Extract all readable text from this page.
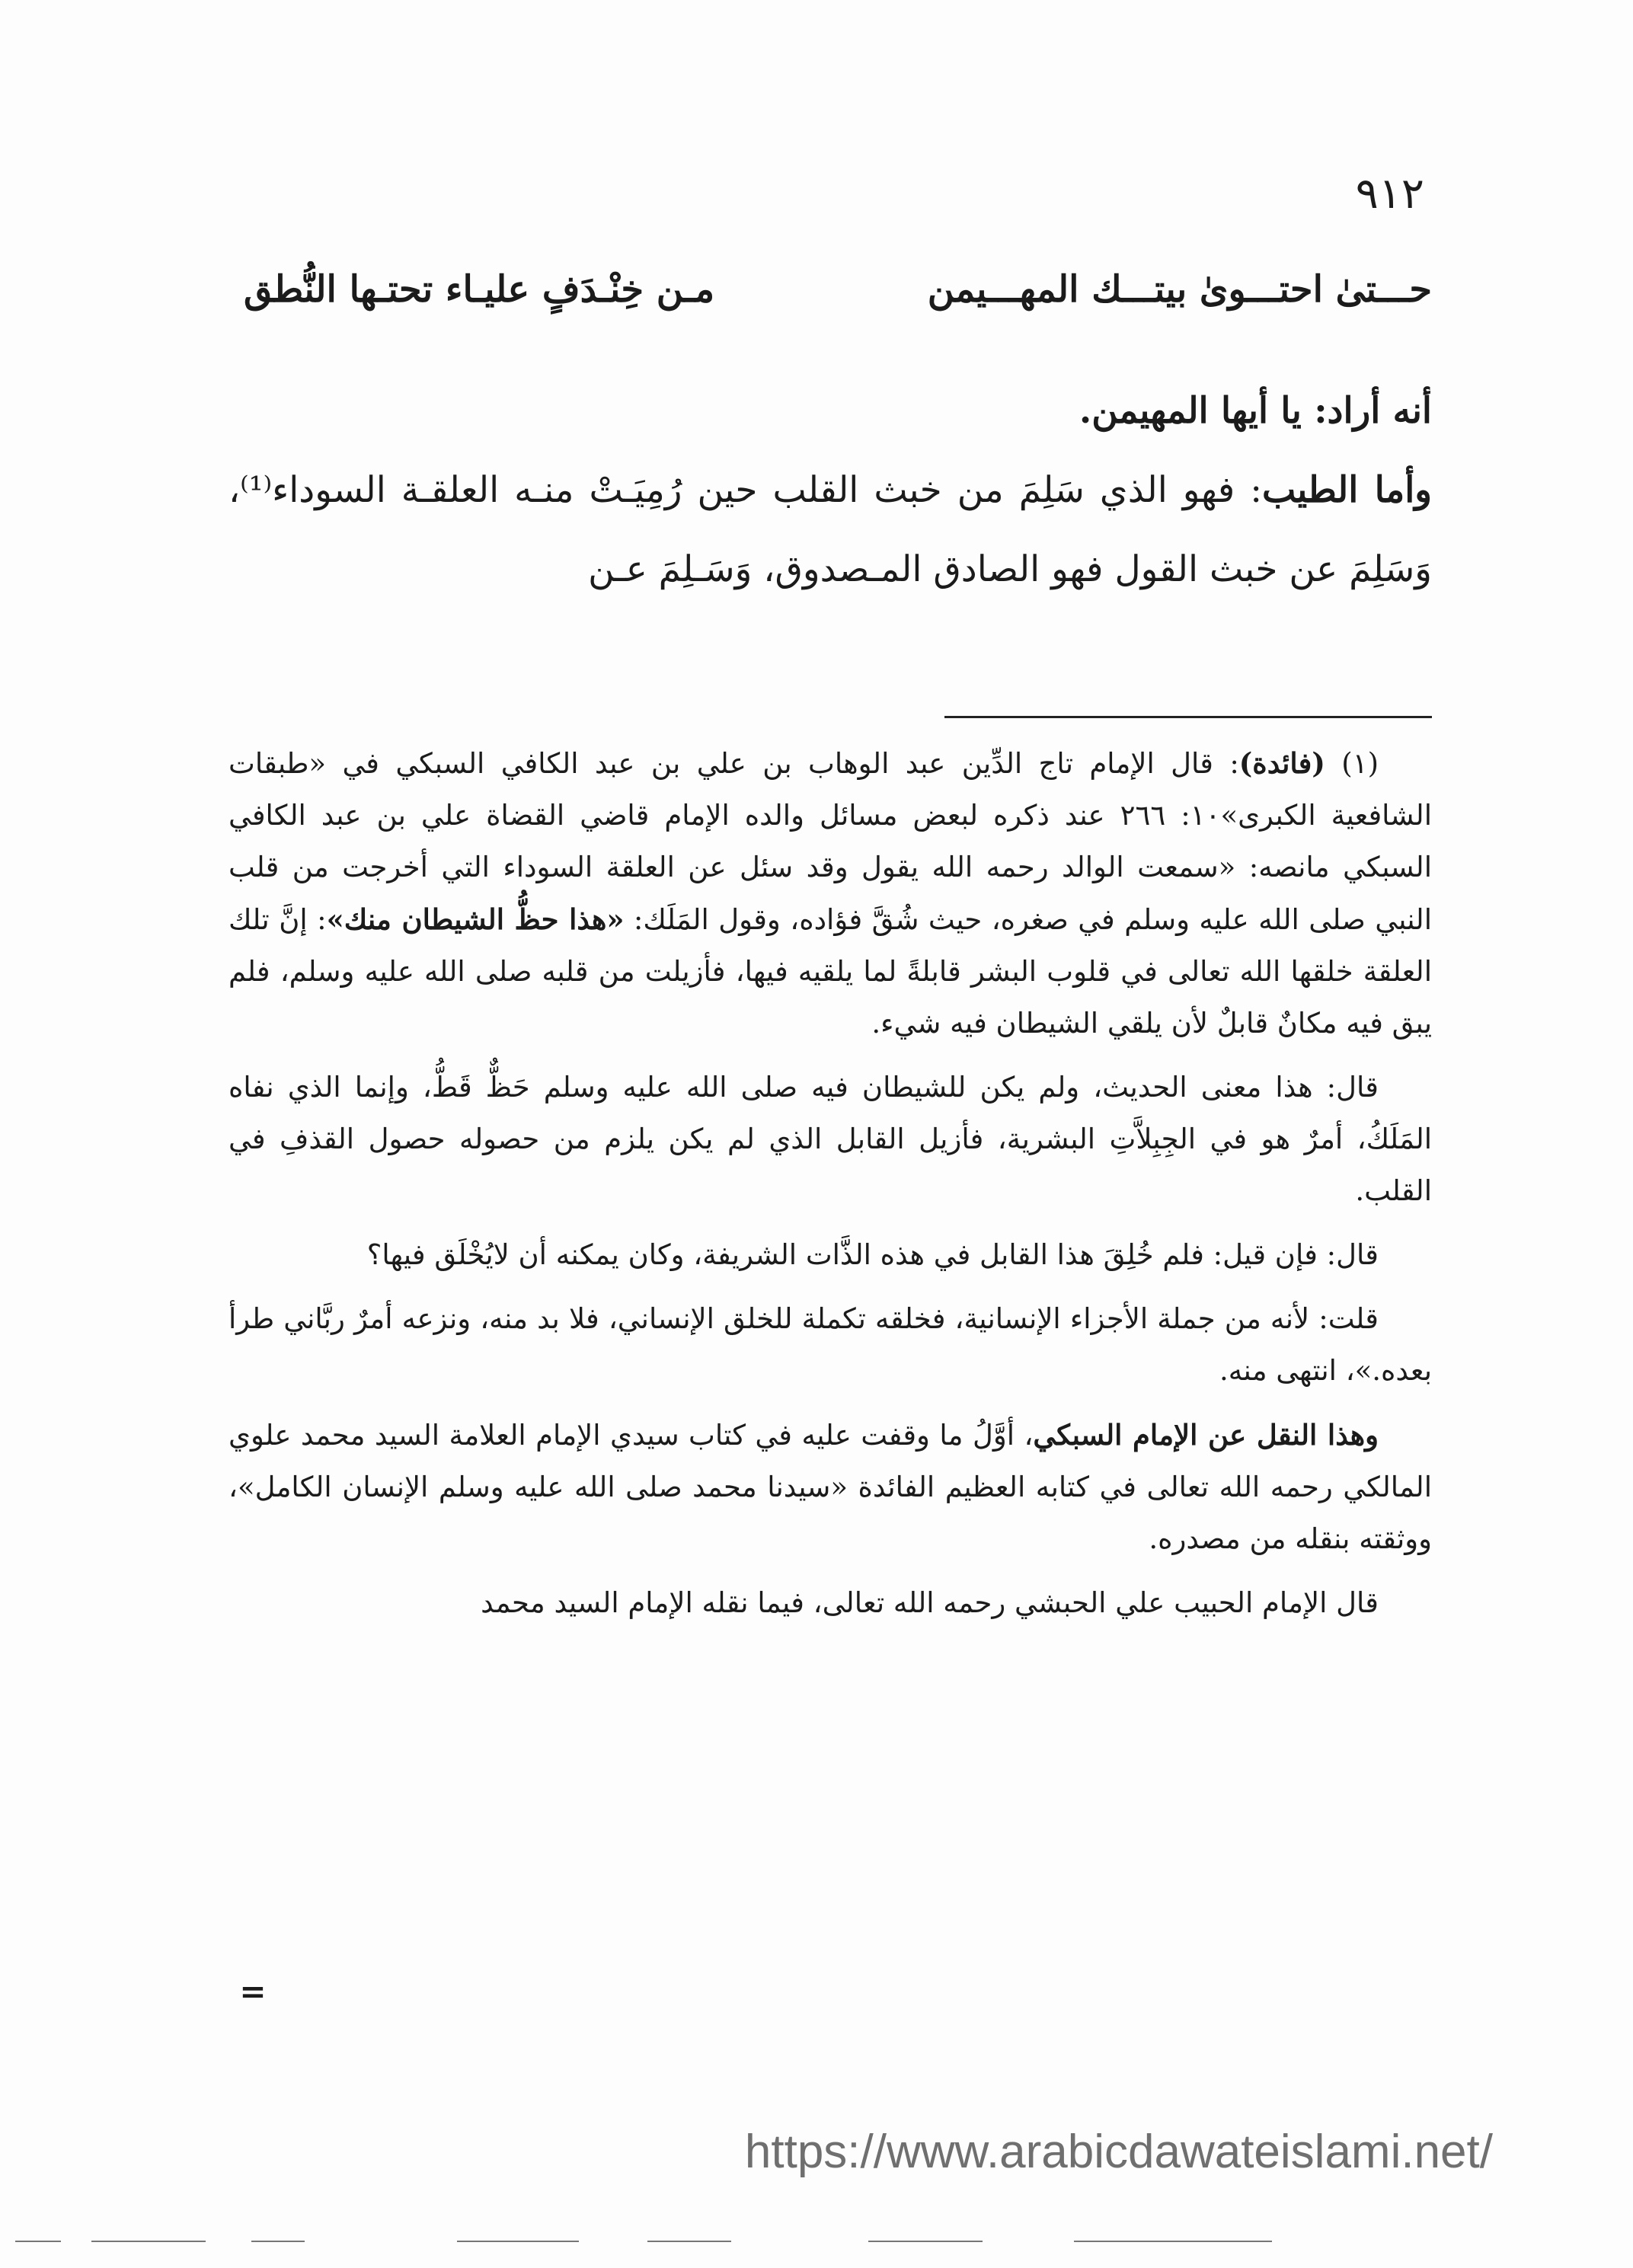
٩١٢
حـــتىٰ احتـــوىٰ بيتـــك المهـــيمن
مـن خِنْـدَفٍ عليـاء تحتـها النُّطق

أنه أراد: يا أيها المهيمن.

وأما الطيب: فهو الذي سَلِمَ من خبث القلب حين رُمِيَـتْ منـه العلقـة السوداء⁽¹⁾، وَسَلِمَ عن خبث القول فهو الصادق المـصدوق، وَسَـلِمَ عـن

(١) (فائدة): قال الإمام تاج الدِّين عبد الوهاب بن علي بن عبد الكافي السبكي في «طبقات الشافعية الكبرى»١٠: ٢٦٦ عند ذكره لبعض مسائل والده الإمام قاضي القضاة علي بن عبد الكافي السبكي مانصه: «سمعت الوالد رحمه الله يقول وقد سئل عن العلقة السوداء التي أخرجت من قلب النبي صلى الله عليه وسلم في صغره، حيث شُقَّ فؤاده، وقول المَلَك: «هذا حظُّ الشيطان منك»: إنَّ تلك العلقة خلقها الله تعالى في قلوب البشر قابلةً لما يلقيه فيها، فأزيلت من قلبه صلى الله عليه وسلم، فلم يبق فيه مكانٌ قابلٌ لأن يلقي الشيطان فيه شيء.

قال: هذا معنى الحديث، ولم يكن للشيطان فيه صلى الله عليه وسلم حَظٌّ قَطُّ، وإنما الذي نفاه المَلَكُ، أمرٌ هو في الجِبِلاَّتِ البشرية، فأزيل القابل الذي لم يكن يلزم من حصوله حصول القذفِ في القلب.

قال: فإن قيل: فلم خُلِقَ هذا القابل في هذه الذَّات الشريفة، وكان يمكنه أن لايُخْلَق فيها؟

قلت: لأنه من جملة الأجزاء الإنسانية، فخلقه تكملة للخلق الإنساني، فلا بد منه، ونزعه أمرٌ ربَّاني طرأ بعده.»، انتهى منه.

وهذا النقل عن الإمام السبكي، أوَّلُ ما وقفت عليه في كتاب سيدي الإمام العلامة السيد محمد علوي المالكي رحمه الله تعالى في كتابه العظيم الفائدة «سيدنا محمد صلى الله عليه وسلم الإنسان الكامل»، ووثقته بنقله من مصدره.

قال الإمام الحبيب علي الحبشي رحمه الله تعالى، فيما نقله الإمام السيد محمد

=
https://www.arabicdawateislami.net/
